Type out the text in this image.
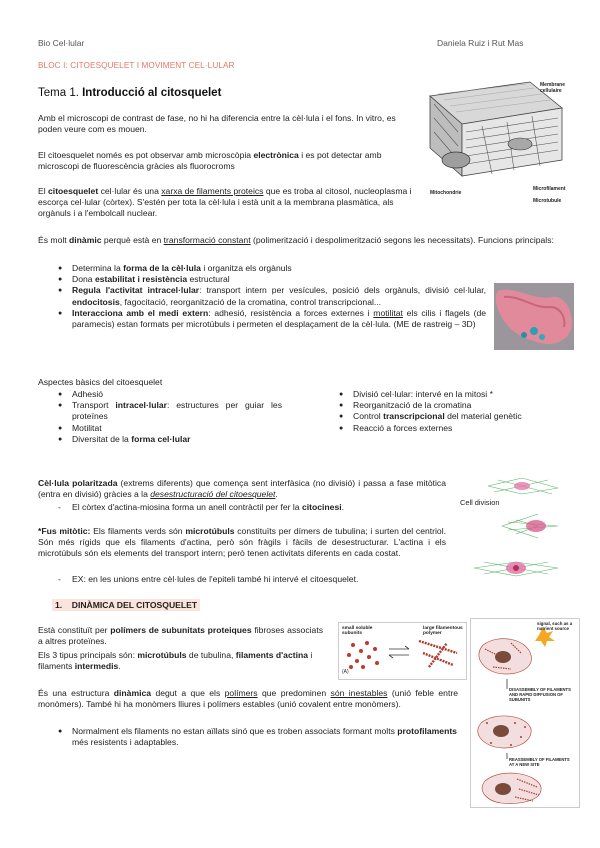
Bio Cel·lular	Daniela Ruiz i Rut Mas
BLOC I: CITOESQUELET I MOVIMENT CEL·LULAR
Tema 1. Introducció al citosquelet
Membrane cellulaire
Mitochondrie
Microfilament
Microtubule
Amb el microscopi de contrast de fase, no hi ha diferencia entre la cèl·lula i el fons. In vitro, es poden veure com es mouen.
El citoesquelet només es pot observar amb microscòpia electrònica i es pot detectar amb microscopi de fluorescència gràcies als fluorocroms
El citoesquelet cel·lular és una xarxa de filaments proteics que es troba al citosol, nucleoplasma i escorça cel·lular (còrtex). S'estén per tota la cèl·lula i està unit a la membrana plasmàtica, als orgànuls i a l'embolcall nuclear.
És molt dinàmic perquè està en transformació constant (polimerització i despolimerització segons les necessitats). Funcions principals:
● Determina la forma de la cèl·lula i organitza els orgànuls
● Dona estabilitat i resistència estructural
● Regula l'activitat intracel·lular: transport intern per vesícules, posició dels orgànuls, divisió cel·lular, endocitosis, fagocitació, reorganització de la cromatina, control transcripcional...
● Interacciona amb el medi extern: adhesió, resistència a forces externes i motilitat els cilis i flagels (de paramecis) estan formats per microtúbuls i permeten el desplaçament de la cèl·lula. (ME de rastreig – 3D)
Aspectes bàsics del citoesquelet
● Adhesió
● Transport intracel·lular: estructures per guiar les proteïnes
● Motilitat
● Diversitat de la forma cel·lular
● Divisió cel·lular: intervé en la mitosi *
● Reorganització de la cromatina
● Control transcripcional del material genètic
● Reacció a forces externes
Cèl·lula polaritzada (extrems diferents) que comença sent interfàsica (no divisió) i passa a fase mitòtica (entra en divisió) gràcies a la desestructuració del citoesquelet.
- El còrtex d'actina-miosina forma un anell contràctil per fer la citocinesi.	Cell division
*Fus mitòtic: Els filaments verds són microtúbuls constituïts per dímers de tubulina; i surten del centriol. Són més rígids que els filaments d'actina, però són fràgils i fàcils de desestructurar. L'actina i els microtúbuls són els elements del transport intern; però tenen activitats diferents en cada costat.
- EX: en les unions entre cèl·lules de l'epiteli també hi intervé el citoesquelet.
1. DINÀMICA DEL CITOSQUELET
Està constituït per polímers de subunitats proteiques fibroses associats a altres proteïnes.
Els 3 tipus principals són: microtúbuls de tubulina, filaments d'actina i filaments intermedis.
small soluble subunits
large filamentous polymer
(A)
signal, such as a nutrient source
DISASSEMBLY OF FILAMENTS AND RAPID DIFFUSION OF SUBUNITS
REASSEMBLY OF FILAMENTS AT A NEW SITE
És una estructura dinàmica degut a que els polímers que predominen són inestables (unió feble entre monòmers). També hi ha monòmers lliures i polímers estables (unió covalent entre monòmers).
● Normalment els filaments no estan aïllats sinó que es troben associats formant molts protofilaments més resistents i adaptables.
